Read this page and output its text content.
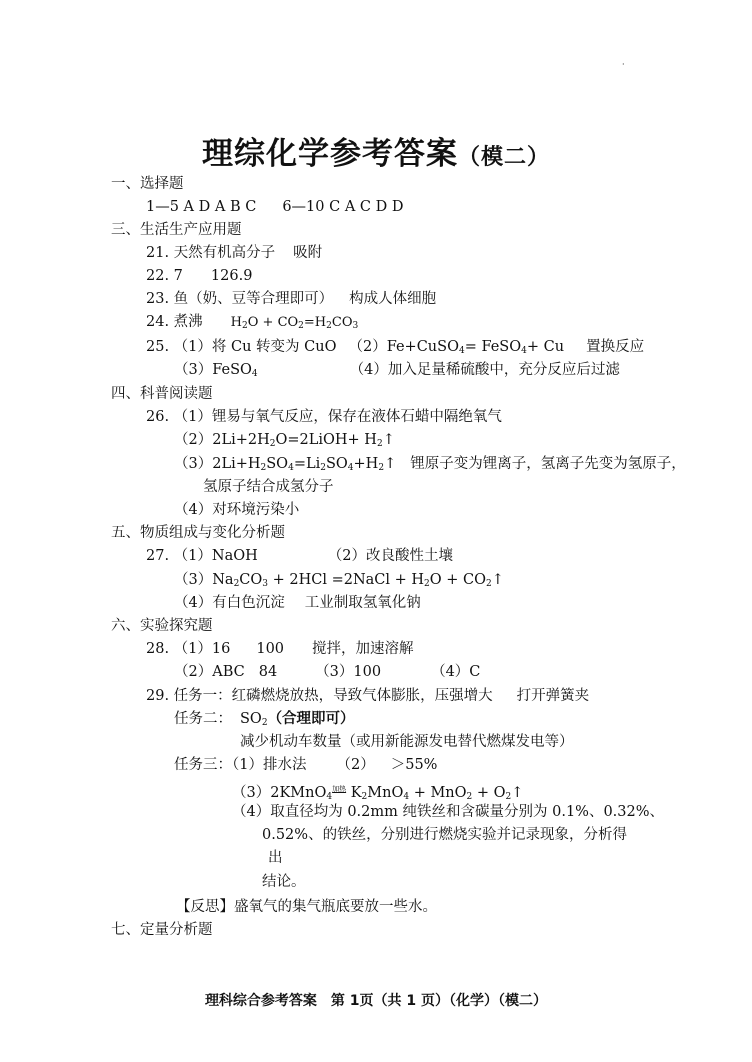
·
理综化学参考答案（模二）
一、选择题
1—5 A D A B C 6—10 C A C D D
三、生活生产应用题
21. 天然有机高分子 吸附
22. 7 126.9
23. 鱼（奶、豆等合理即可） 构成人体细胞
24. 煮沸 $H_2O + CO_2=H_2CO_3$
25. （1）将 Cu 转变为 CuO （2）Fe+CuSO$_4$= FeSO$_4$+ Cu 置换反应
（3）FeSO$_4$	（4）加入足量稀硫酸中，充分反应后过滤
四、科普阅读题
26. （1）锂易与氧气反应，保存在液体石蜡中隔绝氧气
$(2)2Li+2H_2O=2LiOH+$ $H_2↑$
$(3)2Li+H_2SO_4=Li_2SO_4+H_2↑$ 锂原子变为锂离子，氢离子先变为氢原子，
氢原子结合成氢分子
（4）对环境污染小
五、物质组成与变化分析题
27. （1）NaOH	（2）改良酸性土壤
$(3)Na_2CO_3 + 2HCl$ =2NaCl + $H_2O$ + $CO_2↑$
（4）有白色沉淀 工业制取氢氧化钠
六、实验探究题
28. （1）16 100 搅拌，加速溶解
（2）ABC 84	（3）100	（4）C
29. 任务一：红磷燃烧放热，导致气体膨胀，压强增大 打开弹簧夹
任务二： $SO_2$（合理即可）
减少机动车数量（或用新能源发电替代燃煤发电等）
任务三：（1）排水法 （2） ＞55%
（3）2KMnO$_4^{加热}$ $K_2MnO_4 + MnO_2$ + $O_2↑$
（4）取直径均为 0.2mm 纯铁丝和含碳量分别为 0.1%、0.32%、
0.52%、的铁丝，分别进行燃烧实验并记录现象，分析得
出
结论。
【反思】盛氧气的集气瓶底要放一些水。
七、定量分析题
理科综合参考答案　第 1页（共 1 页）（化学）（模二）
